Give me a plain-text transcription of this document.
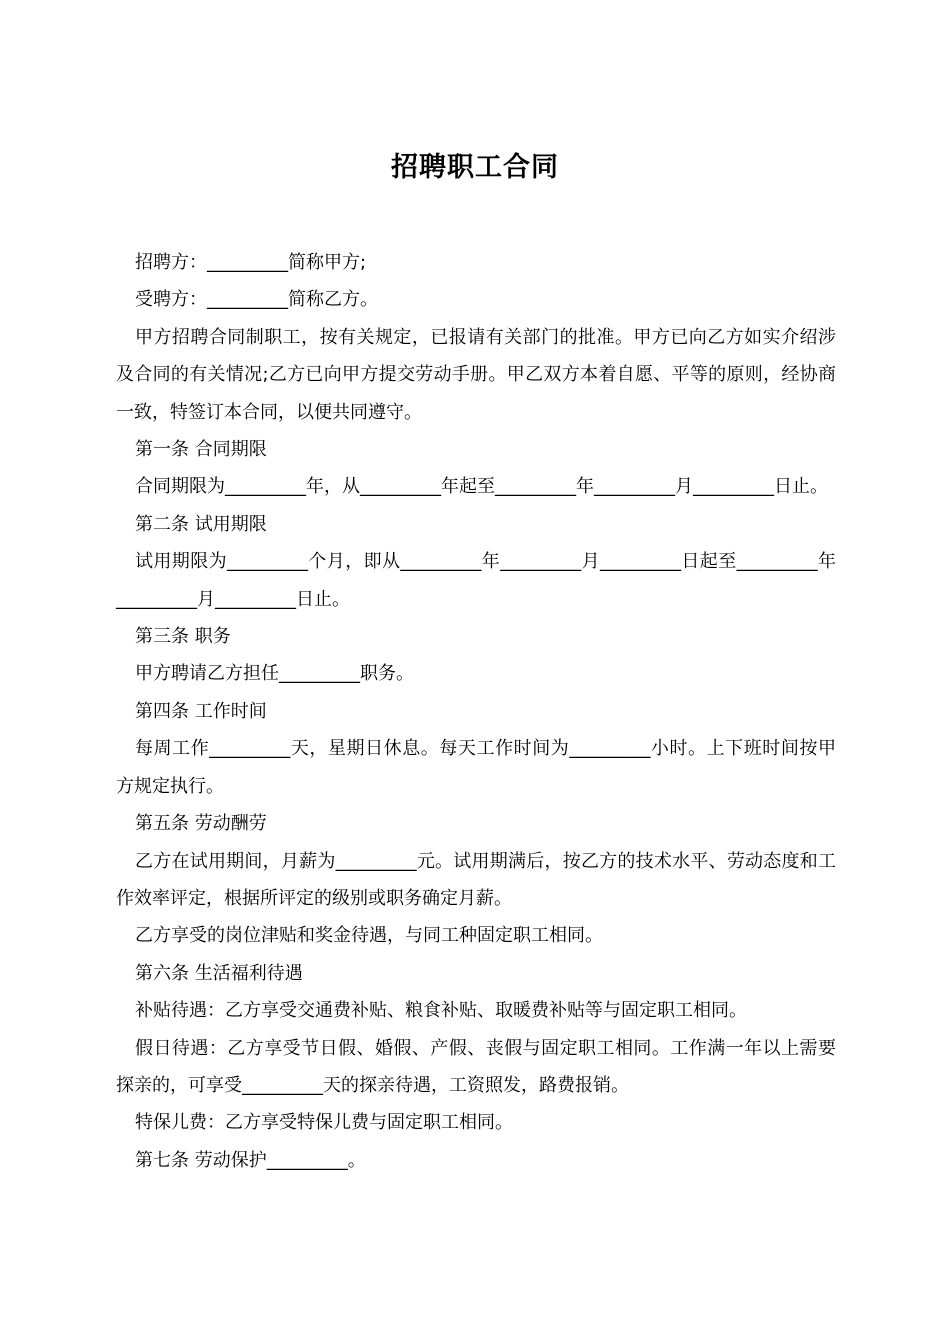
招聘职工合同

招聘方：_________简称甲方;

受聘方：_________简称乙方。

甲方招聘合同制职工，按有关规定，已报请有关部门的批准。甲方已向乙方如实介绍涉及合同的有关情况;乙方已向甲方提交劳动手册。甲乙双方本着自愿、平等的原则，经协商一致，特签订本合同，以便共同遵守。

第一条 合同期限

合同期限为_________年，从_________年起至_________年_________月_________日止。

第二条 试用期限

试用期限为_________个月，即从_________年_________月_________日起至_________年_________月_________日止。

第三条 职务

甲方聘请乙方担任_________职务。

第四条 工作时间

每周工作_________天，星期日休息。每天工作时间为_________小时。上下班时间按甲方规定执行。

第五条 劳动酬劳

乙方在试用期间，月薪为_________元。试用期满后，按乙方的技术水平、劳动态度和工作效率评定，根据所评定的级别或职务确定月薪。

乙方享受的岗位津贴和奖金待遇，与同工种固定职工相同。

第六条 生活福利待遇

补贴待遇：乙方享受交通费补贴、粮食补贴、取暖费补贴等与固定职工相同。

假日待遇：乙方享受节日假、婚假、产假、丧假与固定职工相同。工作满一年以上需要探亲的，可享受_________天的探亲待遇，工资照发，路费报销。

特保儿费：乙方享受特保儿费与固定职工相同。

第七条 劳动保护_________。
